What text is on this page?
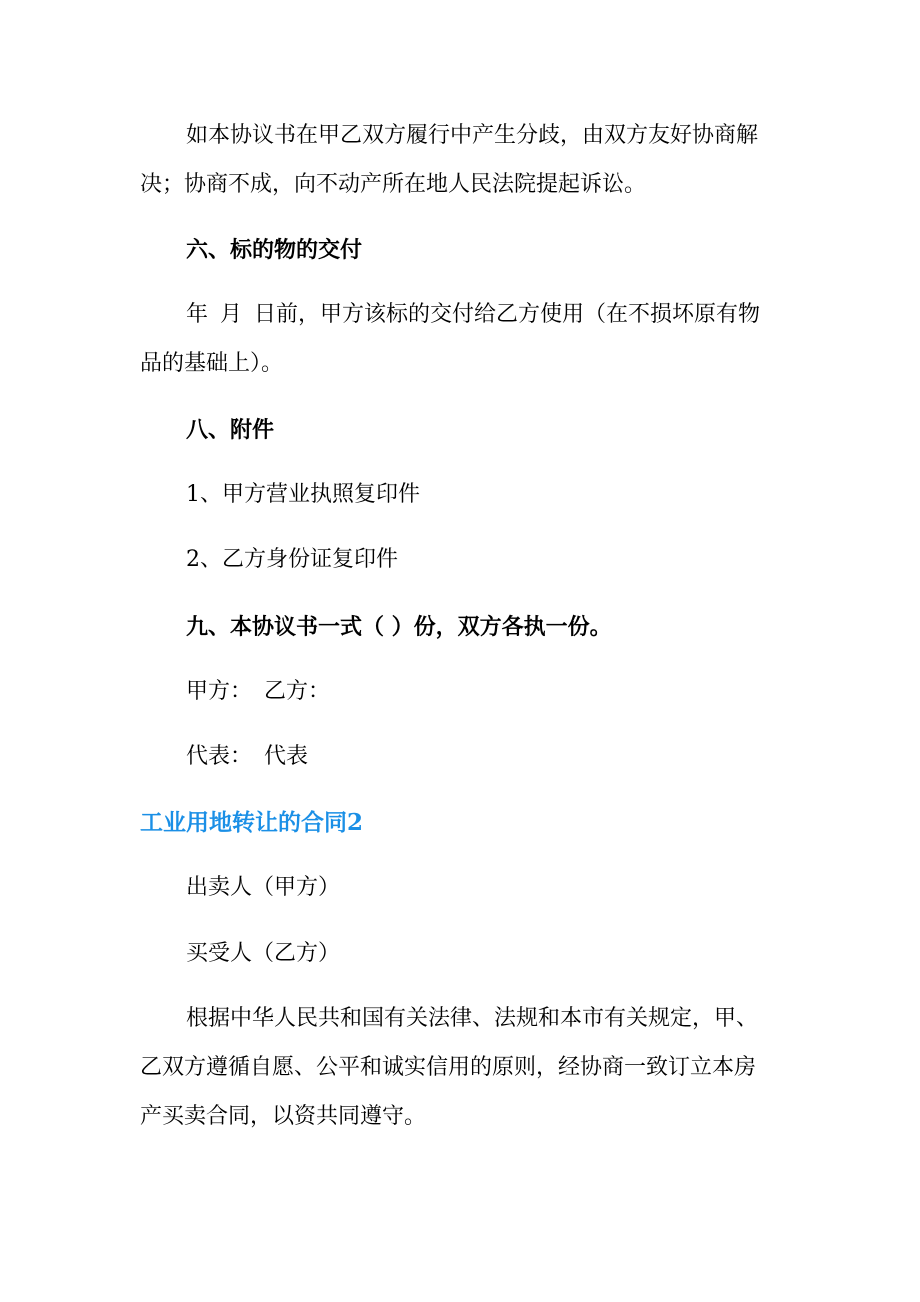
如本协议书在甲乙双方履行中产生分歧，由双方友好协商解
决；协商不成，向不动产所在地人民法院提起诉讼。
六、标的物的交付
年 月 日前，甲方该标的交付给乙方使用（在不损坏原有物
品的基础上）。
八、附件
1、甲方营业执照复印件
2、乙方身份证复印件
九、本协议书一式（ ）份，双方各执一份。
甲方： 乙方：
代表： 代表
工业用地转让的合同2
出卖人（甲方）
买受人（乙方）
根据中华人民共和国有关法律、法规和本市有关规定，甲、
乙双方遵循自愿、公平和诚实信用的原则，经协商一致订立本房
产买卖合同，以资共同遵守。
